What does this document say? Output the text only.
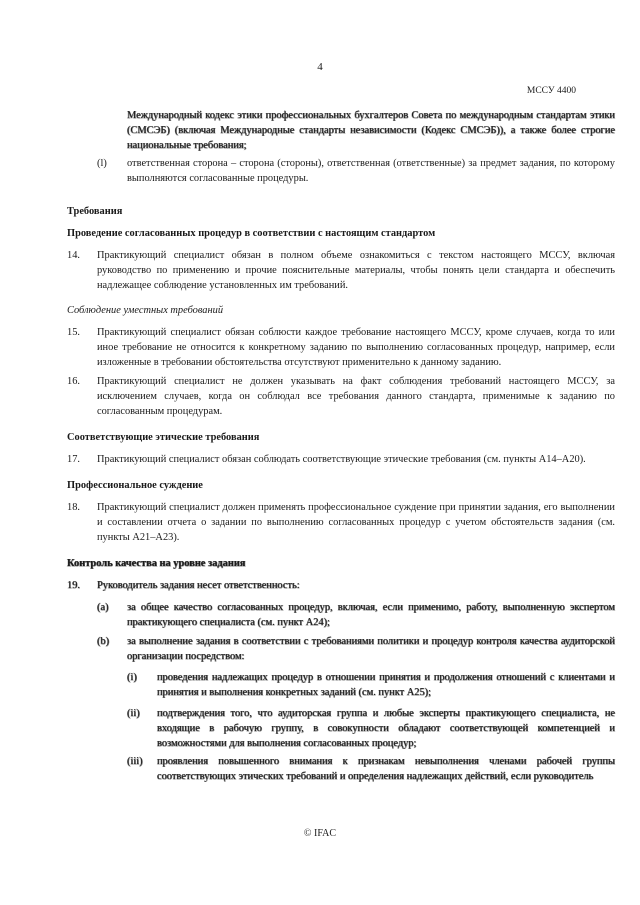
4
МССУ 4400

Международный кодекс этики профессиональных бухгалтеров Совета по международным стандартам этики (СМСЭБ) (включая Международные стандарты независимости (Кодекс СМСЭБ)), а также более строгие национальные требования;

(l) ответственная сторона – сторона (стороны), ответственная (ответственные) за предмет задания, по которому выполняются согласованные процедуры.

Требования
Проведение согласованных процедур в соответствии с настоящим стандартом
14. Практикующий специалист обязан в полном объеме ознакомиться с текстом настоящего МССУ, включая руководство по применению и прочие пояснительные материалы, чтобы понять цели стандарта и обеспечить надлежащее соблюдение установленных им требований.

Соблюдение уместных требований
15. Практикующий специалист обязан соблюсти каждое требование настоящего МССУ, кроме случаев, когда то или иное требование не относится к конкретному заданию по выполнению согласованных процедур, например, если изложенные в требовании обстоятельства отсутствуют применительно к данному заданию.

16. Практикующий специалист не должен указывать на факт соблюдения требований настоящего МССУ, за исключением случаев, когда он соблюдал все требования данного стандарта, применимые к заданию по согласованным процедурам.

Соответствующие этические требования
17. Практикующий специалист обязан соблюдать соответствующие этические требования (см. пункты A14–A20).

Профессиональное суждение
18. Практикующий специалист должен применять профессиональное суждение при принятии задания, его выполнении и составлении отчета о задании по выполнению согласованных процедур с учетом обстоятельств задания (см. пункты A21–A23).

Контроль качества на уровне задания
19. Руководитель задания несет ответственность:

(a) за общее качество согласованных процедур, включая, если применимо, работу, выполненную экспертом практикующего специалиста (см. пункт A24);

(b) за выполнение задания в соответствии с требованиями политики и процедур контроля качества аудиторской организации посредством:

(i) проведения надлежащих процедур в отношении принятия и продолжения отношений с клиентами и принятия и выполнения конкретных заданий (см. пункт A25);

(ii) подтверждения того, что аудиторская группа и любые эксперты практикующего специалиста, не входящие в рабочую группу, в совокупности обладают соответствующей компетенцией и возможностями для выполнения согласованных процедур;

(iii) проявления повышенного внимания к признакам невыполнения членами рабочей группы соответствующих этических требований и определения надлежащих действий, если руководитель

© IFAC
